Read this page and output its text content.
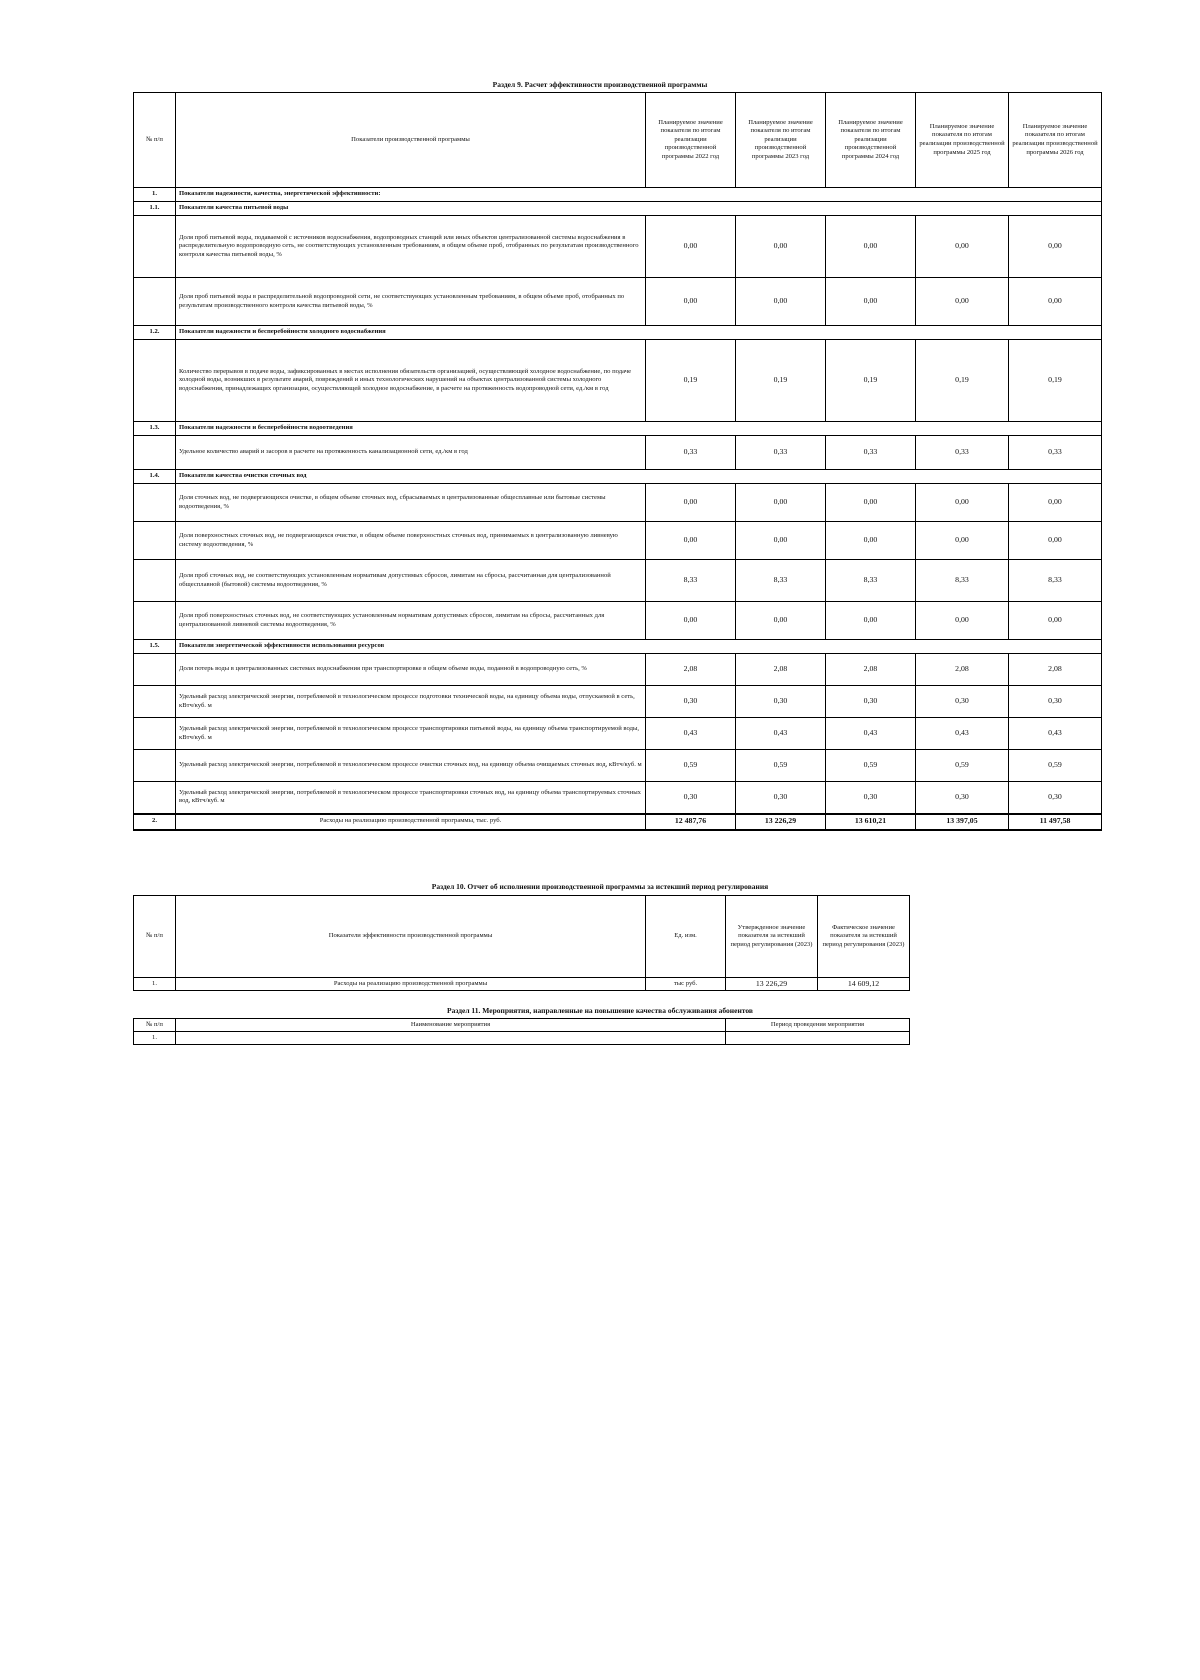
Раздел 9. Расчет эффективности производственной программы
№ п/п	Показатели производственной программы	Планируемое значение показателя по итогам реализации производственной программы 2022 год	Планируемое значение показателя по итогам реализации производственной программы 2023 год	Планируемое значение показателя по итогам реализации производственной программы 2024 год	Планируемое значение показателя по итогам реализации производственной программы 2025 год	Планируемое значение показателя по итогам реализации производственной программы 2026 год
1.	Показатели надежности, качества, энергетической эффективности:					
1.1.	Показатели качества питьевой воды					
	Доля проб питьевой воды, подаваемой с источников водоснабжения, водопроводных станций или иных объектов централизованной системы водоснабжения в распределительную водопроводную сеть, не соответствующих установленным требованиям, в общем объеме проб, отобранных по результатам производственного контроля качества питьевой воды, %	0,00	0,00	0,00	0,00	0,00
	Доля проб питьевой воды в распределительной водопроводной сети, не соответствующих установленным требованиям, в общем объеме проб, отобранных по результатам производственного контроля качества питьевой воды, %	0,00	0,00	0,00	0,00	0,00
1.2.	Показатели надежности и бесперебойности холодного водоснабжения					
	Количество перерывов в подаче воды, зафиксированных в местах исполнения обязательств организацией, осуществляющей холодное водоснабжение, по подаче холодной воды, возникших в результате аварий, повреждений и иных технологических нарушений на объектах централизованной системы холодного водоснабжения, принадлежащих организации, осуществляющей холодное водоснабжение, в расчете на протяженность водопроводной сети, ед./км в год	0,19	0,19	0,19	0,19	0,19
1.3.	Показатели надежности и бесперебойности водоотведения					
	Удельное количество аварий и засоров в расчете на протяженность канализационной сети, ед./км в год	0,33	0,33	0,33	0,33	0,33
1.4.	Показатели качества очистки сточных вод					
	Доля сточных вод, не подвергающихся очистке, в общем объеме сточных вод, сбрасываемых в централизованные общесплавные или бытовые системы водоотведения, %	0,00	0,00	0,00	0,00	0,00
	Доля поверхностных сточных вод, не подвергающихся очистке, в общем объеме поверхностных сточных вод, принимаемых в централизованную ливневую систему водоотведения, %	0,00	0,00	0,00	0,00	0,00
	Доля проб сточных вод, не соответствующих установленным нормативам допустимых сбросов, лимитам на сбросы, рассчитанная для централизованной общесплавной (бытовой) системы водоотведения, %	8,33	8,33	8,33	8,33	8,33
	Доля проб поверхностных сточных вод, не соответствующих установленным нормативам допустимых сбросов, лимитам на сбросы, рассчитанных для централизованной ливневой системы водоотведения, %	0,00	0,00	0,00	0,00	0,00
1.5.	Показатели энергетической эффективности использования ресурсов					
	Доля потерь воды в централизованных системах водоснабжения при транспортировке в общем объеме воды, поданной в водопроводную сеть, %	2,08	2,08	2,08	2,08	2,08
	Удельный расход электрической энергии, потребляемой в технологическом процессе подготовки технической воды, на единицу объема воды, отпускаемой в сеть, кВтч/куб. м	0,30	0,30	0,30	0,30	0,30
	Удельный расход электрической энергии, потребляемой в технологическом процессе транспортировки питьевой воды, на единицу объема транспортируемой воды, кВтч/куб. м	0,43	0,43	0,43	0,43	0,43
	Удельный расход электрической энергии, потребляемой в технологическом процессе очистки сточных вод, на единицу объема очищаемых сточных вод, кВтч/куб. м	0,59	0,59	0,59	0,59	0,59
	Удельный расход электрической энергии, потребляемой в технологическом процессе транспортировки сточных вод, на единицу объема транспортируемых сточных вод, кВтч/куб. м	0,30	0,30	0,30	0,30	0,30
2.	Расходы на реализацию производственной программы, тыс. руб.	12 487,76	13 226,29	13 610,21	13 397,05	11 497,58
Раздел 10. Отчет об исполнении производственной программы за истекший период регулирования
№ п/п	Показатели эффективности производственной программы	Ед. изм.	Утвержденное значение показателя за истекший период регулирования (2023)	Фактическое значение показателя за истекший период регулирования (2023)
1.	Расходы на реализацию производственной программы	тыс руб.	13 226,29	14 609,12
Раздел 11. Мероприятия, направленные на повышение качества обслуживания абонентов
№ п/п	Наименование мероприятия	Период проведения мероприятия
1.		
